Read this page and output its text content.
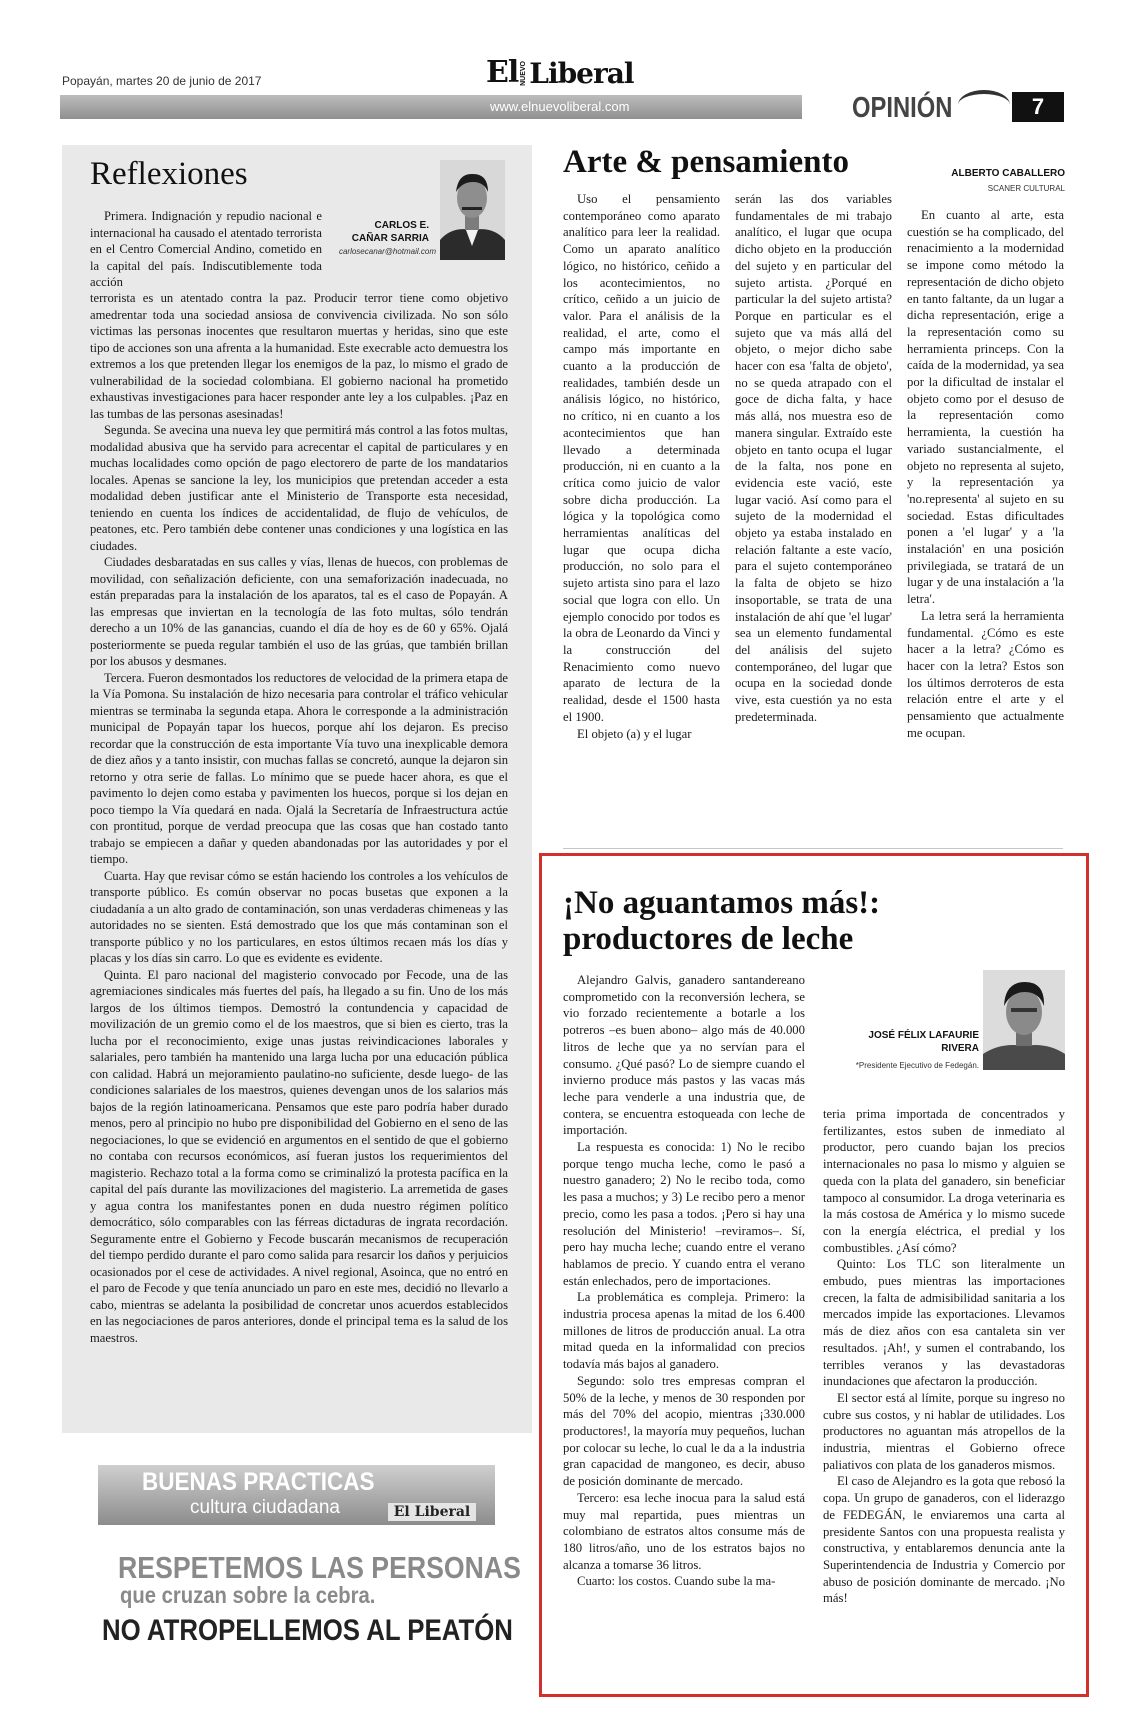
Popayán, martes 20 de junio de 2017	El NUEVO Liberal
www.elnuevoliberal.com	OPINIÓN	7
Reflexiones
CARLOS E.
CAÑAR SARRIA
carlosecanar@hotmail.com

Primera. Indignación y repudio nacional e internacional ha causado el atentado terrorista en el Centro Comercial Andino, cometido en la capital del país. Indiscutiblemente toda acción

terrorista es un atentado contra la paz. Producir terror tiene como objetivo amedrentar toda una sociedad ansiosa de convivencia civilizada. No son sólo victimas las personas inocentes que resultaron muertas y heridas, sino que este tipo de acciones son una afrenta a la humanidad. Este execrable acto demuestra los extremos a los que pretenden llegar los enemigos de la paz, lo mismo el grado de vulnerabilidad de la sociedad colombiana. El gobierno nacional ha prometido exhaustivas investigaciones para hacer responder ante ley a los culpables. ¡Paz en las tumbas de las personas asesinadas!

Segunda. Se avecina una nueva ley que permitirá más control a las fotos multas, modalidad abusiva que ha servido para acrecentar el capital de particulares y en muchas localidades como opción de pago electorero de parte de los mandatarios locales. Apenas se sancione la ley, los municipios que pretendan acceder a esta modalidad deben justificar ante el Ministerio de Transporte esta necesidad, teniendo en cuenta los índices de accidentalidad, de flujo de vehículos, de peatones, etc. Pero también debe contener unas condiciones y una logística en las ciudades.

Ciudades desbaratadas en sus calles y vías, llenas de huecos, con problemas de movilidad, con señalización deficiente, con una semaforización inadecuada, no están preparadas para la instalación de los aparatos, tal es el caso de Popayán. A las empresas que inviertan en la tecnología de las foto multas, sólo tendrán derecho a un 10% de las ganancias, cuando el día de hoy es de 60 y 65%. Ojalá posteriormente se pueda regular también el uso de las grúas, que también brillan por los abusos y desmanes.

Tercera. Fueron desmontados los reductores de velocidad de la primera etapa de la Vía Pomona. Su instalación de hizo necesaria para controlar el tráfico vehicular mientras se terminaba la segunda etapa. Ahora le corresponde a la administración municipal de Popayán tapar los huecos, porque ahí los dejaron. Es preciso recordar que la construcción de esta importante Vía tuvo una inexplicable demora de diez años y a tanto insistir, con muchas fallas se concretó, aunque la dejaron sin retorno y otra serie de fallas. Lo mínimo que se puede hacer ahora, es que el pavimento lo dejen como estaba y pavimenten los huecos, porque si los dejan en poco tiempo la Vía quedará en nada. Ojalá la Secretaría de Infraestructura actúe con prontitud, porque de verdad preocupa que las cosas que han costado tanto trabajo se empiecen a dañar y queden abandonadas por las autoridades y por el tiempo.

Cuarta. Hay que revisar cómo se están haciendo los controles a los vehículos de transporte público. Es común observar no pocas busetas que exponen a la ciudadanía a un alto grado de contaminación, son unas verdaderas chimeneas y las autoridades no se sienten. Está demostrado que los que más contaminan son el transporte público y no los particulares, en estos últimos recaen más los días y placas y los días sin carro. Lo que es evidente es evidente.

Quinta. El paro nacional del magisterio convocado por Fecode, una de las agremiaciones sindicales más fuertes del país, ha llegado a su fin. Uno de los más largos de los últimos tiempos. Demostró la contundencia y capacidad de movilización de un gremio como el de los maestros, que si bien es cierto, tras la lucha por el reconocimiento, exige unas justas reivindicaciones laborales y salariales, pero también ha mantenido una larga lucha por una educación pública con calidad. Habrá un mejoramiento paulatino-no suficiente, desde luego- de las condiciones salariales de los maestros, quienes devengan unos de los salarios más bajos de la región latinoamericana. Pensamos que este paro podría haber durado menos, pero al principio no hubo pre disponibilidad del Gobierno en el seno de las negociaciones, lo que se evidenció en argumentos en el sentido de que el gobierno no contaba con recursos económicos, así fueran justos los requerimientos del magisterio. Rechazo total a la forma como se criminalizó la protesta pacífica en la capital del país durante las movilizaciones del magisterio. La arremetida de gases y agua contra los manifestantes ponen en duda nuestro régimen político democrático, sólo comparables con las férreas dictaduras de ingrata recordación. Seguramente entre el Gobierno y Fecode buscarán mecanismos de recuperación del tiempo perdido durante el paro como salida para resarcir los daños y perjuicios ocasionados por el cese de actividades. A nivel regional, Asoinca, que no entró en el paro de Fecode y que tenía anunciado un paro en este mes, decidió no llevarlo a cabo, mientras se adelanta la posibilidad de concretar unos acuerdos establecidos en las negociaciones de paros anteriores, donde el principal tema es la salud de los maestros.

BUENAS PRACTICAS
cultura ciudadana	El Liberal
RESPETEMOS LAS PERSONAS
que cruzan sobre la cebra.
NO ATROPELLEMOS AL PEATÓN
Arte & pensamiento	ALBERTO CABALLERO
SCANER CULTURAL

Uso el pensamiento contemporáneo como aparato analítico para leer la realidad. Como un aparato analítico lógico, no histórico, ceñido a los acontecimientos, no crítico, ceñido a un juicio de valor. Para el análisis de la realidad, el arte, como el campo más importante en cuanto a la producción de realidades, también desde un análisis lógico, no histórico, no crítico, ni en cuanto a los acontecimientos que han llevado a determinada producción, ni en cuanto a la crítica como juicio de valor sobre dicha producción. La lógica y la topológica como herramientas analíticas del lugar que ocupa dicha producción, no solo para el sujeto artista sino para el lazo social que logra con ello. Un ejemplo conocido por todos es la obra de Leonardo da Vinci y la construcción del Renacimiento como nuevo aparato de lectura de la realidad, desde el 1500 hasta el 1900.

El objeto (a) y el lugar

serán las dos variables fundamentales de mi trabajo analítico, el lugar que ocupa dicho objeto en la producción del sujeto y en particular del sujeto artista. ¿Porqué en particular la del sujeto artista? Porque en particular es el sujeto que va más allá del objeto, o mejor dicho sabe hacer con esa 'falta de objeto', no se queda atrapado con el goce de dicha falta, y hace más allá, nos muestra eso de manera singular. Extraído este objeto en tanto ocupa el lugar de la falta, nos pone en evidencia este vació, este lugar vació. Así como para el sujeto de la modernidad el objeto ya estaba instalado en relación faltante a este vacío, para el sujeto contemporáneo la falta de objeto se hizo insoportable, se trata de una instalación de ahí que 'el lugar' sea un elemento fundamental del análisis del sujeto contemporáneo, del lugar que ocupa en la sociedad donde vive, esta cuestión ya no esta predeterminada.

En cuanto al arte, esta cuestión se ha complicado, del renacimiento a la modernidad se impone como método la representación de dicho objeto en tanto faltante, da un lugar a dicha representación, erige a la representación como su herramienta princeps. Con la caída de la modernidad, ya sea por la dificultad de instalar el objeto como por el desuso de la representación como herramienta, la cuestión ha variado sustancialmente, el objeto no representa al sujeto, y la representación ya 'no.representa' al sujeto en su sociedad. Estas dificultades ponen a 'el lugar' y a 'la instalación' en una posición privilegiada, se tratará de un lugar y de una instalación a 'la letra'.

La letra será la herramienta fundamental. ¿Cómo es este hacer a la letra? ¿Cómo es hacer con la letra? Estos son los últimos derroteros de esta relación entre el arte y el pensamiento que actualmente me ocupan.

¡No aguantamos más!: productores de leche
JOSÉ FÉLIX LAFAURIE RIVERA
*Presidente Ejecutivo de Fedegán.

Alejandro Galvis, ganadero santandereano comprometido con la reconversión lechera, se vio forzado recientemente a botarle a los potreros –es buen abono– algo más de 40.000 litros de leche que ya no servían para el consumo. ¿Qué pasó? Lo de siempre cuando el invierno produce más pastos y las vacas más leche para venderle a una industria que, de contera, se encuentra estoqueada con leche de importación.

La respuesta es conocida: 1) No le recibo porque tengo mucha leche, como le pasó a nuestro ganadero; 2) No le recibo toda, como les pasa a muchos; y 3) Le recibo pero a menor precio, como les pasa a todos. ¡Pero si hay una resolución del Ministerio! –reviramos–. Sí, pero hay mucha leche; cuando entre el verano hablamos de precio. Y cuando entra el verano están enlechados, pero de importaciones.

La problemática es compleja. Primero: la industria procesa apenas la mitad de los 6.400 millones de litros de producción anual. La otra mitad queda en la informalidad con precios todavía más bajos al ganadero.

Segundo: solo tres empresas compran el 50% de la leche, y menos de 30 responden por más del 70% del acopio, mientras ¡330.000 productores!, la mayoría muy pequeños, luchan por colocar su leche, lo cual le da a la industria gran capacidad de mangoneo, es decir, abuso de posición dominante de mercado.

Tercero: esa leche inocua para la salud está muy mal repartida, pues mientras un colombiano de estratos altos consume más de 180 litros/año, uno de los estratos bajos no alcanza a tomarse 36 litros.

Cuarto: los costos. Cuando sube la ma-

teria prima importada de concentrados y fertilizantes, estos suben de inmediato al productor, pero cuando bajan los precios internacionales no pasa lo mismo y alguien se queda con la plata del ganadero, sin beneficiar tampoco al consumidor. La droga veterinaria es la más costosa de América y lo mismo sucede con la energía eléctrica, el predial y los combustibles. ¿Así cómo?

Quinto: Los TLC son literalmente un embudo, pues mientras las importaciones crecen, la falta de admisibilidad sanitaria a los mercados impide las exportaciones. Llevamos más de diez años con esa cantaleta sin ver resultados. ¡Ah!, y sumen el contrabando, los terribles veranos y las devastadoras inundaciones que afectaron la producción.

El sector está al límite, porque su ingreso no cubre sus costos, y ni hablar de utilidades. Los productores no aguantan más atropellos de la industria, mientras el Gobierno ofrece paliativos con plata de los ganaderos mismos.

El caso de Alejandro es la gota que rebosó la copa. Un grupo de ganaderos, con el liderazgo de FEDEGÁN, le enviaremos una carta al presidente Santos con una propuesta realista y constructiva, y entablaremos denuncia ante la Superintendencia de Industria y Comercio por abuso de posición dominante de mercado. ¡No más!
